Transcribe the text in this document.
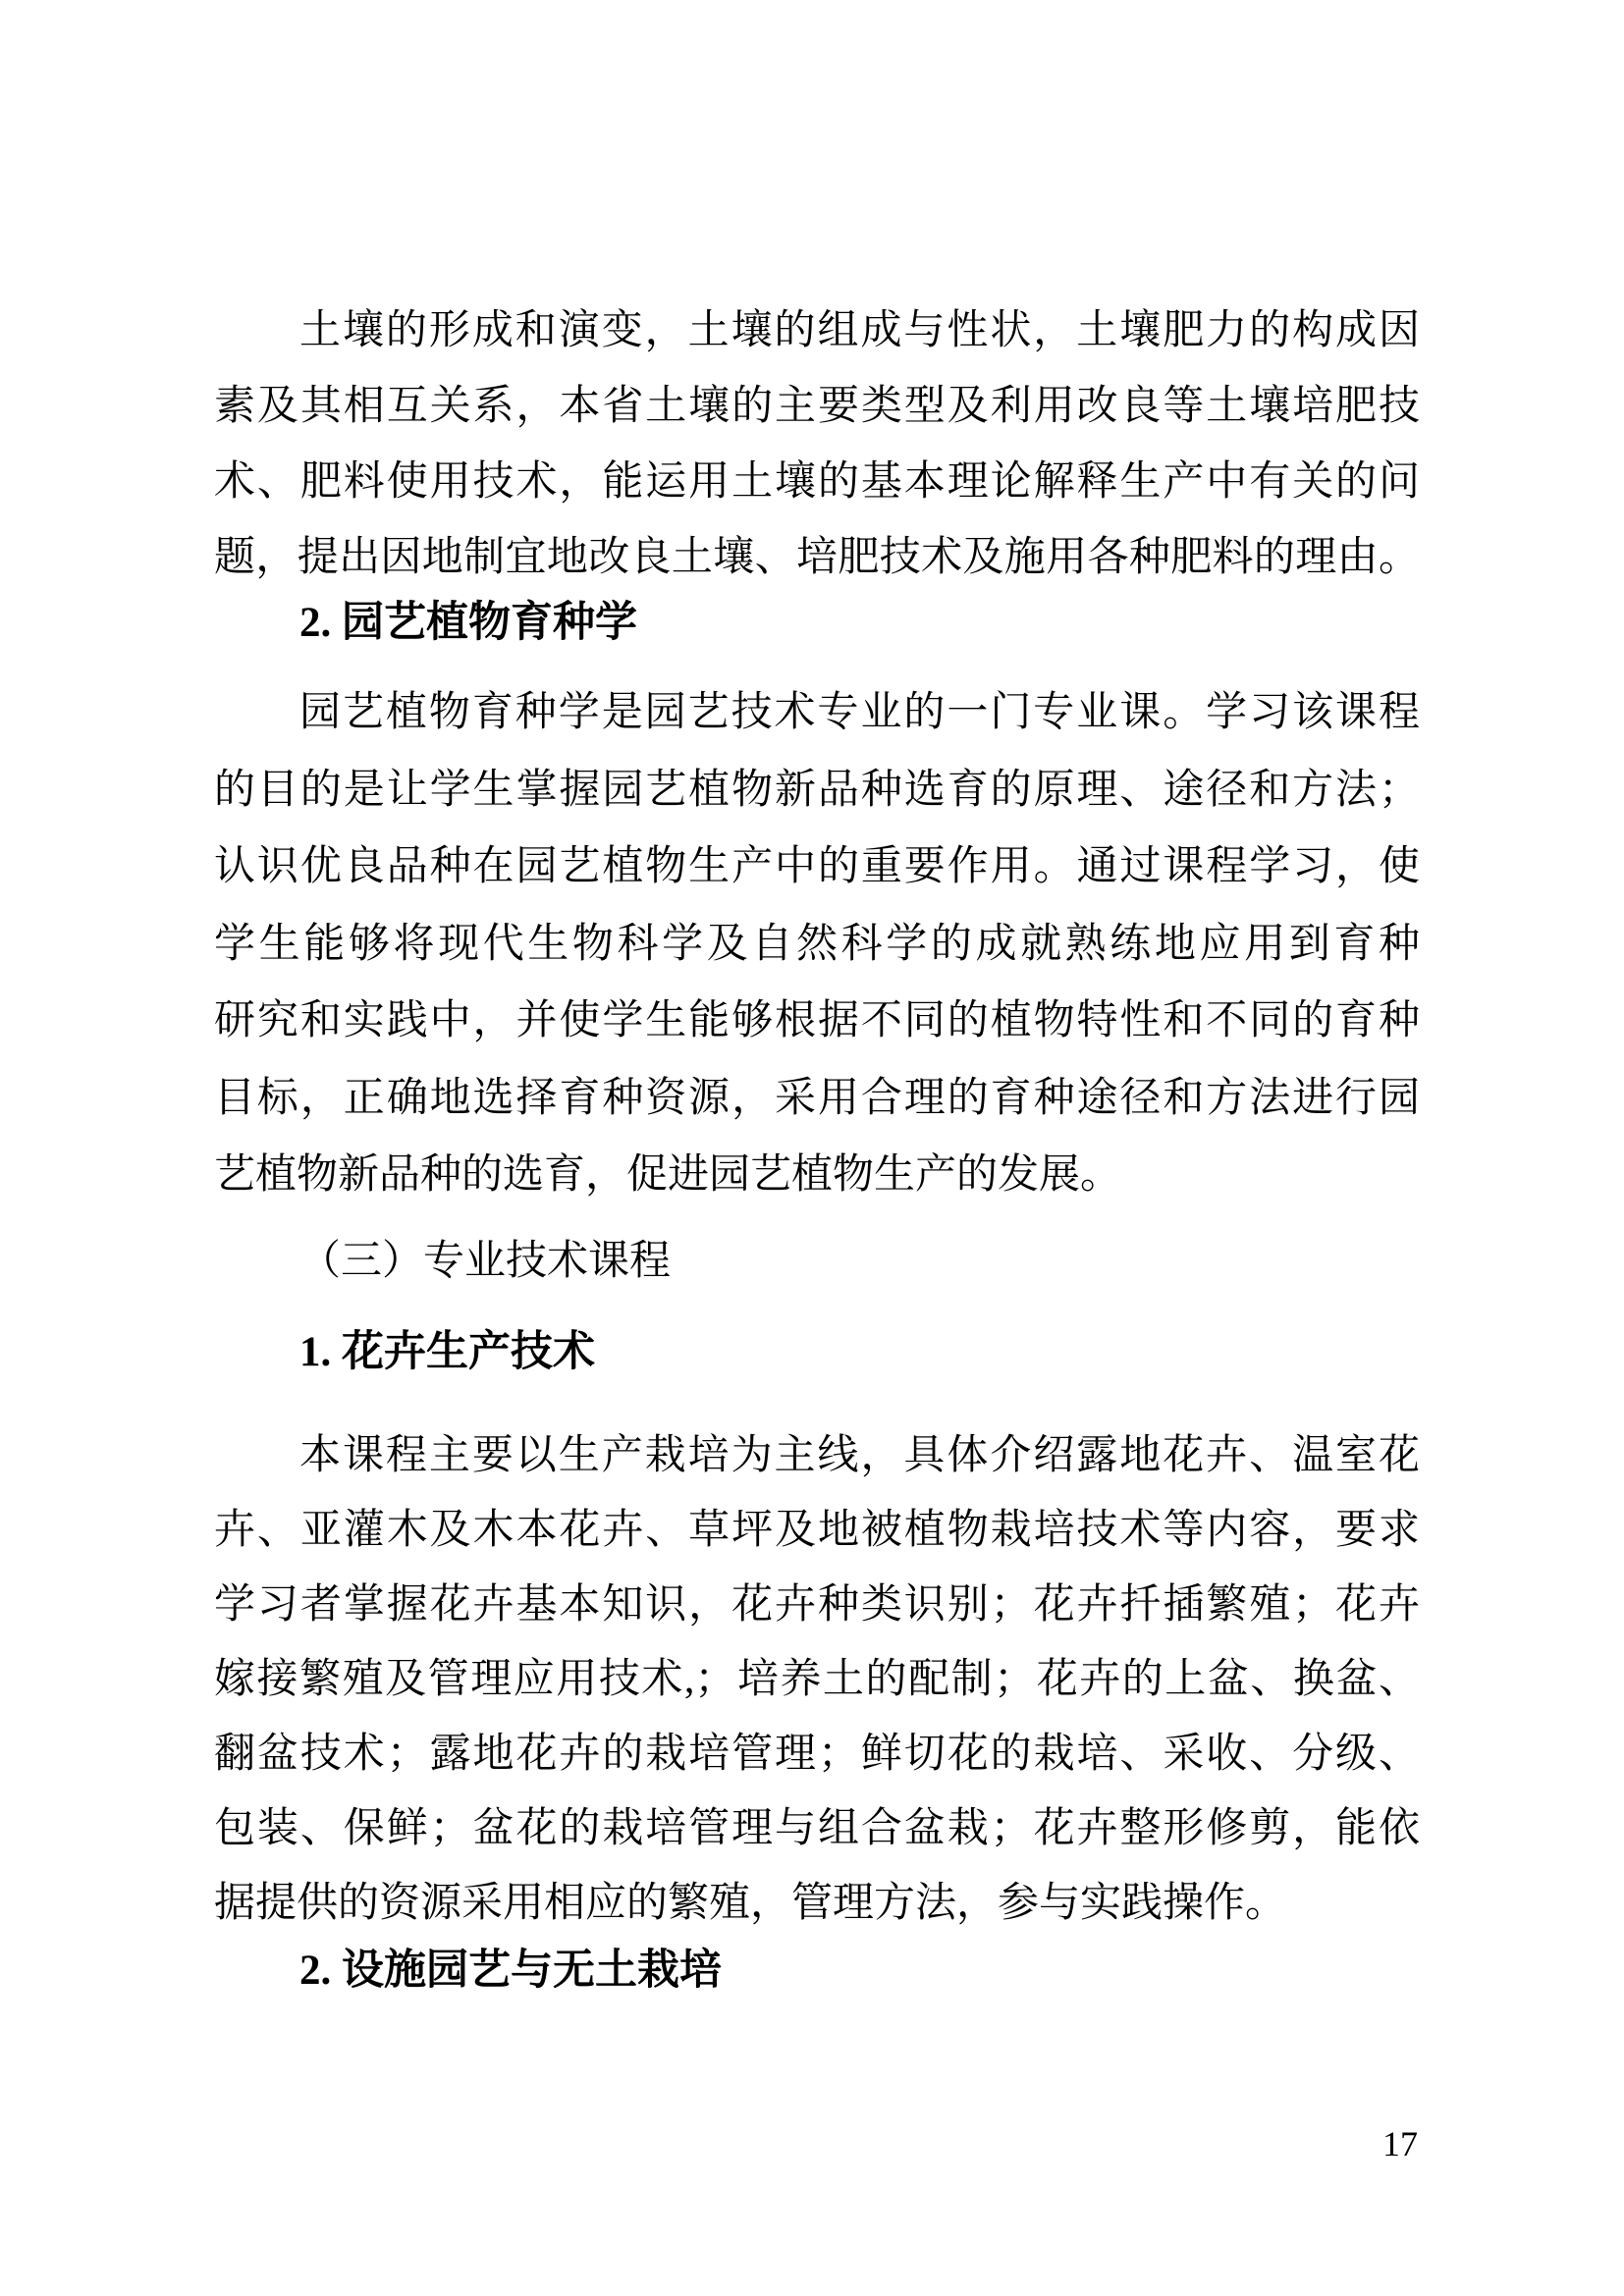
土壤的形成和演变，土壤的组成与性状，土壤肥力的构成因
素及其相互关系，本省土壤的主要类型及利用改良等土壤培肥技
术、肥料使用技术，能运用土壤的基本理论解释生产中有关的问
题，提出因地制宜地改良土壤、培肥技术及施用各种肥料的理由。
2. 园艺植物育种学
园艺植物育种学是园艺技术专业的一门专业课。学习该课程
的目的是让学生掌握园艺植物新品种选育的原理、途径和方法；
认识优良品种在园艺植物生产中的重要作用。通过课程学习，使
学生能够将现代生物科学及自然科学的成就熟练地应用到育种
研究和实践中，并使学生能够根据不同的植物特性和不同的育种
目标，正确地选择育种资源，采用合理的育种途径和方法进行园
艺植物新品种的选育，促进园艺植物生产的发展。
（三）专业技术课程
1. 花卉生产技术
本课程主要以生产栽培为主线，具体介绍露地花卉、温室花
卉、亚灌木及木本花卉、草坪及地被植物栽培技术等内容，要求
学习者掌握花卉基本知识，花卉种类识别；花卉扦插繁殖；花卉
嫁接繁殖及管理应用技术,；培养土的配制；花卉的上盆、换盆、
翻盆技术；露地花卉的栽培管理；鲜切花的栽培、采收、分级、
包装、保鲜；盆花的栽培管理与组合盆栽；花卉整形修剪，能依
据提供的资源采用相应的繁殖，管理方法，参与实践操作。
2. 设施园艺与无土栽培
17
